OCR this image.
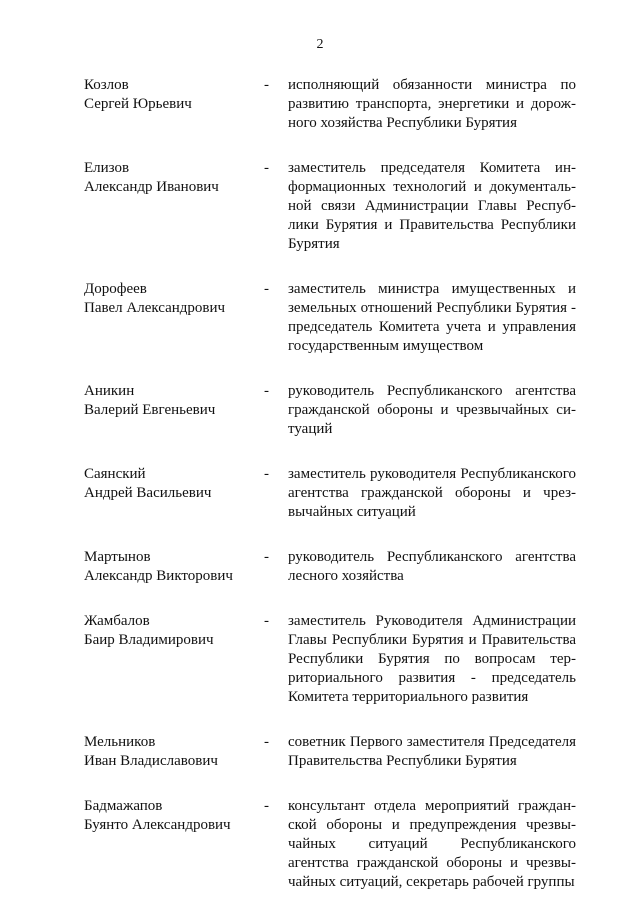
2
Козлов
Сергей Юрьевич
-	исполняющий обязанности министра по развитию транспорта, энергетики и дорожного хозяйства Республики Бурятия
Елизов
Александр Иванович
-	заместитель председателя Комитета информационных технологий и документальной связи Администрации Главы Республики Бурятия и Правительства Республики Бурятия
Дорофеев
Павел Александрович
-	заместитель министра имущественных и земельных отношений Республики Бурятия - председатель Комитета учета и управления государственным имуществом
Аникин
Валерий Евгеньевич
-	руководитель Республиканского агентства гражданской обороны и чрезвычайных ситуаций
Саянский
Андрей Васильевич
-	заместитель руководителя Республиканского агентства гражданской обороны и чрезвычайных ситуаций
Мартынов
Александр Викторович
-	руководитель Республиканского агентства лесного хозяйства
Жамбалов
Баир Владимирович
-	заместитель Руководителя Администрации Главы Республики Бурятия и Правительства Республики Бурятия по вопросам территориального развития - председатель Комитета территориального развития
Мельников
Иван Владиславович
-	советник Первого заместителя Председателя Правительства Республики Бурятия
Бадмажапов
Буянто Александрович
-	консультант отдела мероприятий гражданской обороны и предупреждения чрезвычайных ситуаций Республиканского агентства гражданской обороны и чрезвычайных ситуаций, секретарь рабочей группы
